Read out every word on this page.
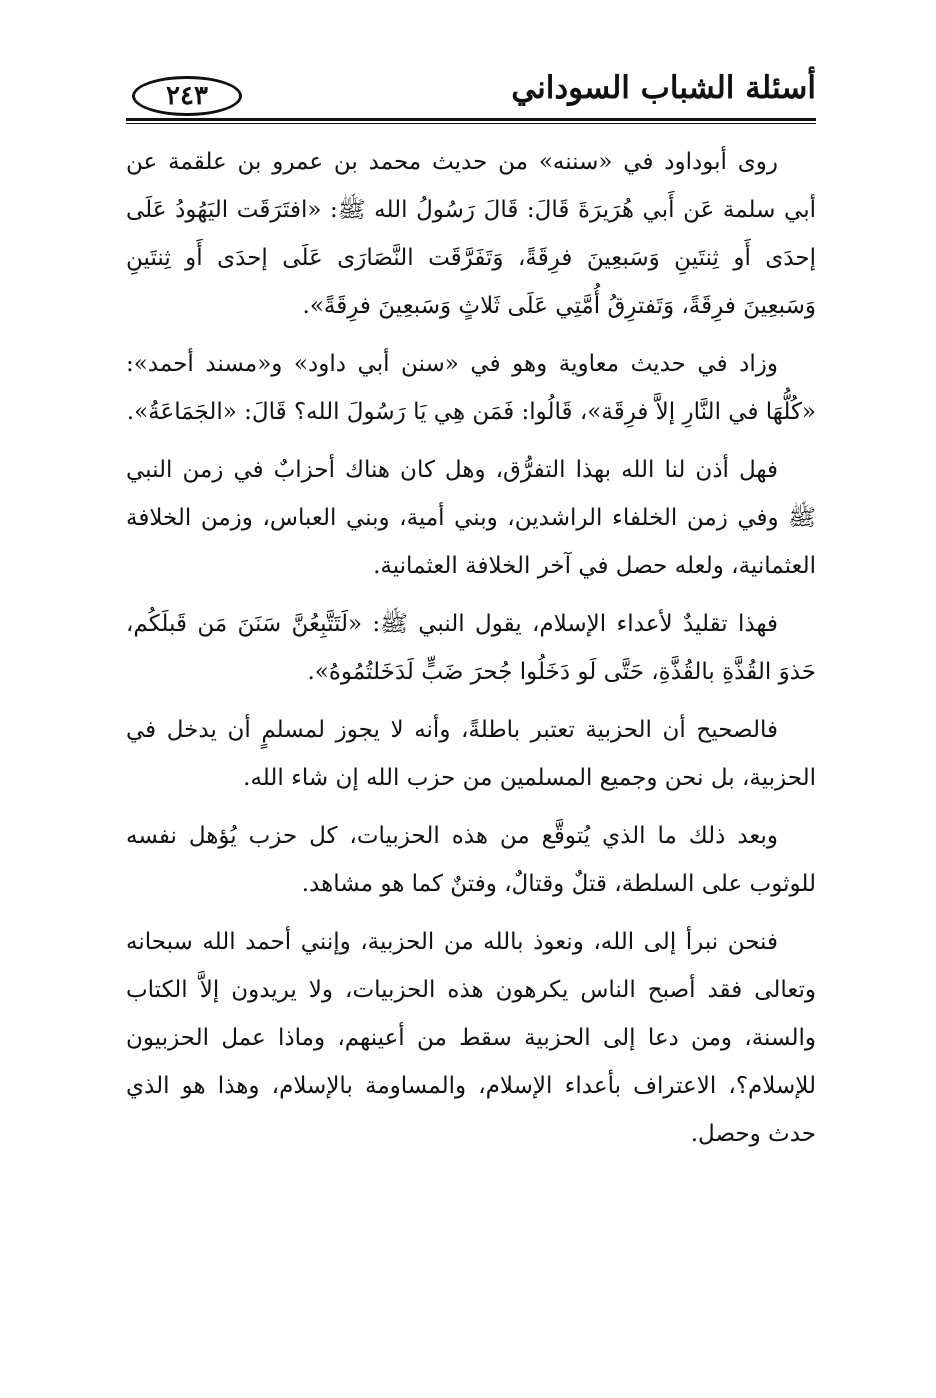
أسئلة الشباب السوداني
٢٤٣

روى أبوداود في «سننه» من حديث محمد بن عمرو بن علقمة عن أبي سلمة عَن أَبي هُرَيرَةَ قَالَ: قَالَ رَسُولُ الله ﷺ: «افتَرَقَت اليَهُودُ عَلَى إحدَى أَو ثِنتَينِ وَسَبعِينَ فرِقَةً، وَتَفَرَّقَت النَّصَارَى عَلَى إحدَى أَو ثِنتَينِ وَسَبعِينَ فرِقَةً، وَتَفترِقُ أُمَّتِي عَلَى ثَلاثٍ وَسَبعِينَ فرِقَةً».

وزاد في حديث معاوية وهو في «سنن أبي داود» و«مسند أحمد»: «كُلُّهَا في النَّارِ إلاَّ فرِقَة»، قَالُوا: فَمَن هِي يَا رَسُولَ الله؟ قَالَ: «الجَمَاعَةُ».

فهل أذن لنا الله بهذا التفرُّق، وهل كان هناك أحزابٌ في زمن النبي ﷺ وفي زمن الخلفاء الراشدين، وبني أمية، وبني العباس، وزمن الخلافة العثمانية، ولعله حصل في آخر الخلافة العثمانية.

فهذا تقليدٌ لأعداء الإسلام، يقول النبي ﷺ: «لَتَتَّبِعُنَّ سَنَنَ مَن قَبلَكُم، حَذوَ القُذَّةِ بالقُذَّةِ، حَتَّى لَو دَخَلُوا جُحرَ ضَبٍّ لَدَخَلتُمُوهُ».

فالصحيح أن الحزبية تعتبر باطلةً، وأنه لا يجوز لمسلمٍ أن يدخل في الحزبية، بل نحن وجميع المسلمين من حزب الله إن شاء الله.

وبعد ذلك ما الذي يُتوقَّع من هذه الحزبيات، كل حزب يُؤهل نفسه للوثوب على السلطة، قتلٌ وقتالٌ، وفتنٌ كما هو مشاهد.

فنحن نبرأ إلى الله، ونعوذ بالله من الحزبية، وإنني أحمد الله سبحانه وتعالى فقد أصبح الناس يكرهون هذه الحزبيات، ولا يريدون إلاَّ الكتاب والسنة، ومن دعا إلى الحزبية سقط من أعينهم، وماذا عمل الحزبيون للإسلام؟، الاعتراف بأعداء الإسلام، والمساومة بالإسلام، وهذا هو الذي حدث وحصل.
